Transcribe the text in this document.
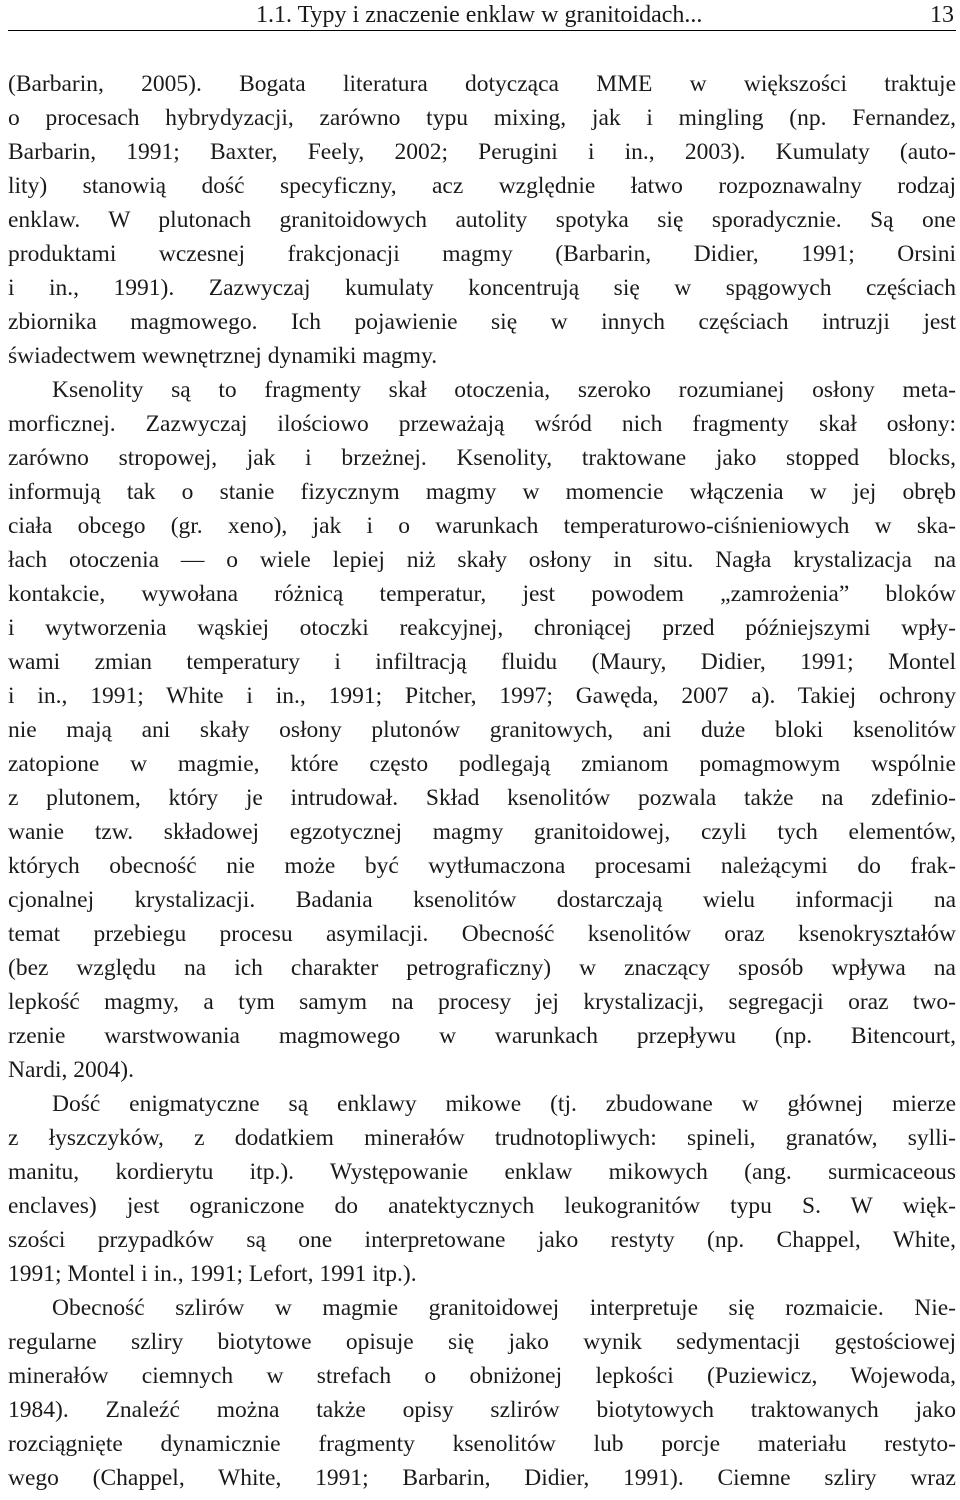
1.1. Typy i znaczenie enklaw w granitoidach...	13
(Barbarin, 2005). Bogata literatura dotycząca MME w większości traktuje
o procesach hybrydyzacji, zarówno typu mixing, jak i mingling (np. Fernandez,
Barbarin, 1991; Baxter, Feely, 2002; Perugini i in., 2003). Kumulaty (auto-
lity) stanowią dość specyficzny, acz względnie łatwo rozpoznawalny rodzaj
enklaw. W plutonach granitoidowych autolity spotyka się sporadycznie. Są one
produktami wczesnej frakcjonacji magmy (Barbarin, Didier, 1991; Orsini
i in., 1991). Zazwyczaj kumulaty koncentrują się w spągowych częściach
zbiornika magmowego. Ich pojawienie się w innych częściach intruzji jest
świadectwem wewnętrznej dynamiki magmy.
Ksenolity są to fragmenty skał otoczenia, szeroko rozumianej osłony meta-
morficznej. Zazwyczaj ilościowo przeważają wśród nich fragmenty skał osłony:
zarówno stropowej, jak i brzeżnej. Ksenolity, traktowane jako stopped blocks,
informują tak o stanie fizycznym magmy w momencie włączenia w jej obręb
ciała obcego (gr. xeno), jak i o warunkach temperaturowo-ciśnieniowych w ska-
łach otoczenia — o wiele lepiej niż skały osłony in situ. Nagła krystalizacja na
kontakcie, wywołana różnicą temperatur, jest powodem „zamrożenia” bloków
i wytworzenia wąskiej otoczki reakcyjnej, chroniącej przed późniejszymi wpły-
wami zmian temperatury i infiltracją fluidu (Maury, Didier, 1991; Montel
i in., 1991; White i in., 1991; Pitcher, 1997; Gawęda, 2007 a). Takiej ochrony
nie mają ani skały osłony plutonów granitowych, ani duże bloki ksenolitów
zatopione w magmie, które często podlegają zmianom pomagmowym wspólnie
z plutonem, który je intrudował. Skład ksenolitów pozwala także na zdefinio-
wanie tzw. składowej egzotycznej magmy granitoidowej, czyli tych elementów,
których obecność nie może być wytłumaczona procesami należącymi do frak-
cjonalnej krystalizacji. Badania ksenolitów dostarczają wielu informacji na
temat przebiegu procesu asymilacji. Obecność ksenolitów oraz ksenokryształów
(bez względu na ich charakter petrograficzny) w znaczący sposób wpływa na
lepkość magmy, a tym samym na procesy jej krystalizacji, segregacji oraz two-
rzenie warstwowania magmowego w warunkach przepływu (np. Bitencourt,
Nardi, 2004).
Dość enigmatyczne są enklawy mikowe (tj. zbudowane w głównej mierze
z łyszczyków, z dodatkiem minerałów trudnotopliwych: spineli, granatów, sylli-
manitu, kordierytu itp.). Występowanie enklaw mikowych (ang. surmicaceous
enclaves) jest ograniczone do anatektycznych leukogranitów typu S. W więk-
szości przypadków są one interpretowane jako restyty (np. Chappel, White,
1991; Montel i in., 1991; Lefort, 1991 itp.).
Obecność szlirów w magmie granitoidowej interpretuje się rozmaicie. Nie-
regularne szliry biotytowe opisuje się jako wynik sedymentacji gęstościowej
minerałów ciemnych w strefach o obniżonej lepkości (Puziewicz, Wojewoda,
1984). Znaleźć można także opisy szlirów biotytowych traktowanych jako
rozciągnięte dynamicznie fragmenty ksenolitów lub porcje materiału restyto-
wego (Chappel, White, 1991; Barbarin, Didier, 1991). Ciemne szliry wraz
